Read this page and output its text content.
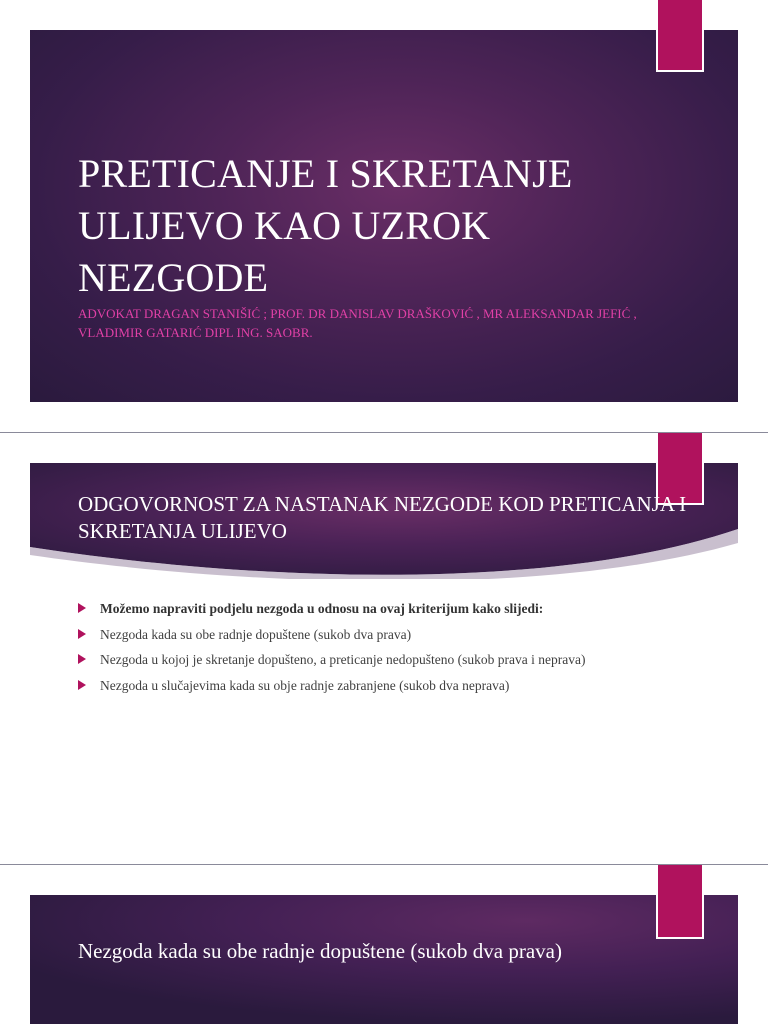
PRETICANJE I SKRETANJE ULIJEVO KAO UZROK NEZGODE
ADVOKAT DRAGAN STANIŠIĆ ; PROF. DR DANISLAV DRAŠKOVIĆ , MR ALEKSANDAR JEFIĆ , VLADIMIR GATARIĆ DIPL ING. SAOBR.
ODGOVORNOST ZA NASTANAK NEZGODE KOD PRETICANJA I SKRETANJA ULIJEVO
Možemo napraviti podjelu nezgoda u odnosu na ovaj kriterijum kako slijedi:
Nezgoda kada su obe radnje dopuštene (sukob dva prava)
Nezgoda u kojoj je skretanje dopušteno, a preticanje nedopušteno (sukob prava i neprava)
Nezgoda u slučajevima kada su obje radnje zabranjene (sukob dva neprava)
Nezgoda kada su obe radnje dopuštene (sukob dva prava)
